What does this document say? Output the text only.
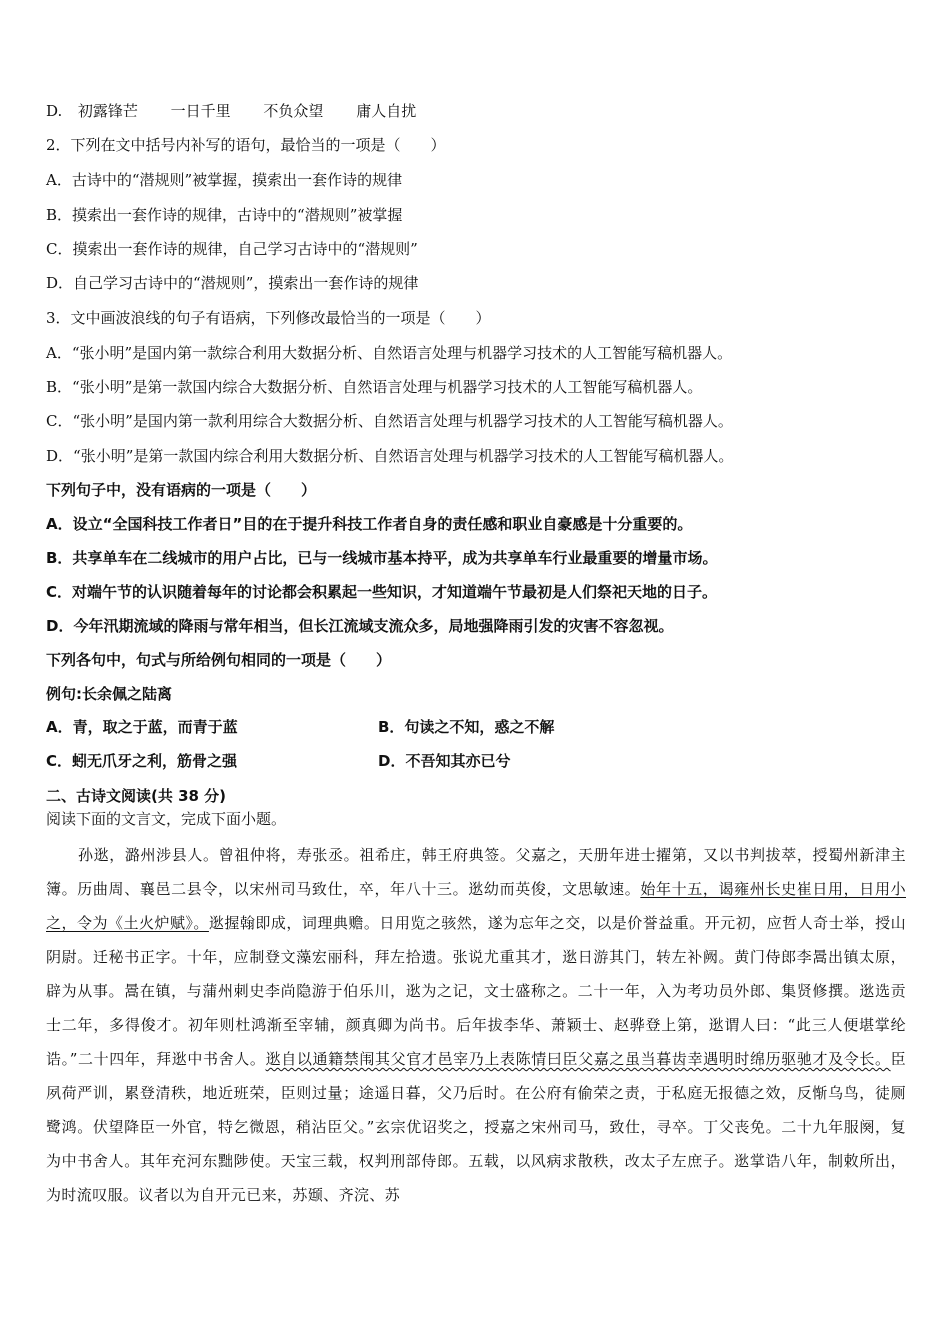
D. 初露锋芒 一日千里 不负众望 庸人自扰
2．下列在文中括号内补写的语句，最恰当的一项是（　　）
A．古诗中的“潜规则”被掌握，摸索出一套作诗的规律
B．摸索出一套作诗的规律，古诗中的“潜规则”被掌握
C．摸索出一套作诗的规律，自己学习古诗中的“潜规则”
D．自己学习古诗中的“潜规则”，摸索出一套作诗的规律
3．文中画波浪线的句子有语病，下列修改最恰当的一项是（　　）
A．“张小明”是国内第一款综合利用大数据分析、自然语言处理与机器学习技术的人工智能写稿机器人。
B．“张小明”是第一款国内综合大数据分析、自然语言处理与机器学习技术的人工智能写稿机器人。
C．“张小明”是国内第一款利用综合大数据分析、自然语言处理与机器学习技术的人工智能写稿机器人。
D．“张小明”是第一款国内综合利用大数据分析、自然语言处理与机器学习技术的人工智能写稿机器人。
下列句子中，没有语病的一项是（　　）
A．设立“全国科技工作者日”目的在于提升科技工作者自身的责任感和职业自豪感是十分重要的。
B．共享单车在二线城市的用户占比，已与一线城市基本持平，成为共享单车行业最重要的增量市场。
C．对端午节的认识随着每年的讨论都会积累起一些知识，才知道端午节最初是人们祭祀天地的日子。
D．今年汛期流域的降雨与常年相当，但长江流域支流众多，局地强降雨引发的灾害不容忽视。
下列各句中，句式与所给例句相同的一项是（　　）
例句:长余佩之陆离
A．青，取之于蓝，而青于蓝	B．句读之不知，惑之不解
C．蚓无爪牙之利，筋骨之强	D．不吾知其亦已兮
二、古诗文阅读(共 38 分)
阅读下面的文言文，完成下面小题。

孙逖，潞州涉县人。曾祖仲将，寿张丞。祖希庄，韩王府典签。父嘉之，天册年进士擢第，又以书判拔萃，授蜀州新津主簿。历曲周、襄邑二县令，以宋州司马致仕，卒，年八十三。逖幼而英俊，文思敏速。始年十五，谒雍州长史崔日用，日用小之，令为《土火炉赋》。逖握翰即成，词理典赡。日用览之骇然，遂为忘年之交，以是价誉益重。开元初，应哲人奇士举，授山阴尉。迁秘书正字。十年，应制登文藻宏丽科，拜左拾遗。张说尤重其才，逖日游其门，转左补阙。黄门侍郎李暠出镇太原，辟为从事。暠在镇，与蒲州刺史李尚隐游于伯乐川，逖为之记，文士盛称之。二十一年，入为考功员外郎、集贤修撰。逖选贡士二年，多得俊才。初年则杜鸿渐至宰辅，颜真卿为尚书。后年拔李华、萧颖士、赵骅登上第，逖谓人曰：“此三人便堪掌纶诰。”二十四年，拜逖中书舍人。逖自以通籍禁闱其父官才邑宰乃上表陈情曰臣父嘉之虽当暮齿幸遇明时绵历驱驰才及令长。臣夙荷严训，累登清秩，地近班荣，臣则过量；途遥日暮，父乃后时。在公府有偷荣之责，于私庭无报德之效，反惭乌鸟，徒厕鹭鸿。伏望降臣一外官，特乞微恩，稍沾臣父。”玄宗优诏奖之，授嘉之宋州司马，致仕，寻卒。丁父丧免。二十九年服阕，复为中书舍人。其年充河东黜陟使。天宝三载，权判刑部侍郎。五载，以风病求散秩，改太子左庶子。逖掌诰八年，制敕所出，为时流叹服。议者以为自开元已来，苏颋、齐浣、苏
